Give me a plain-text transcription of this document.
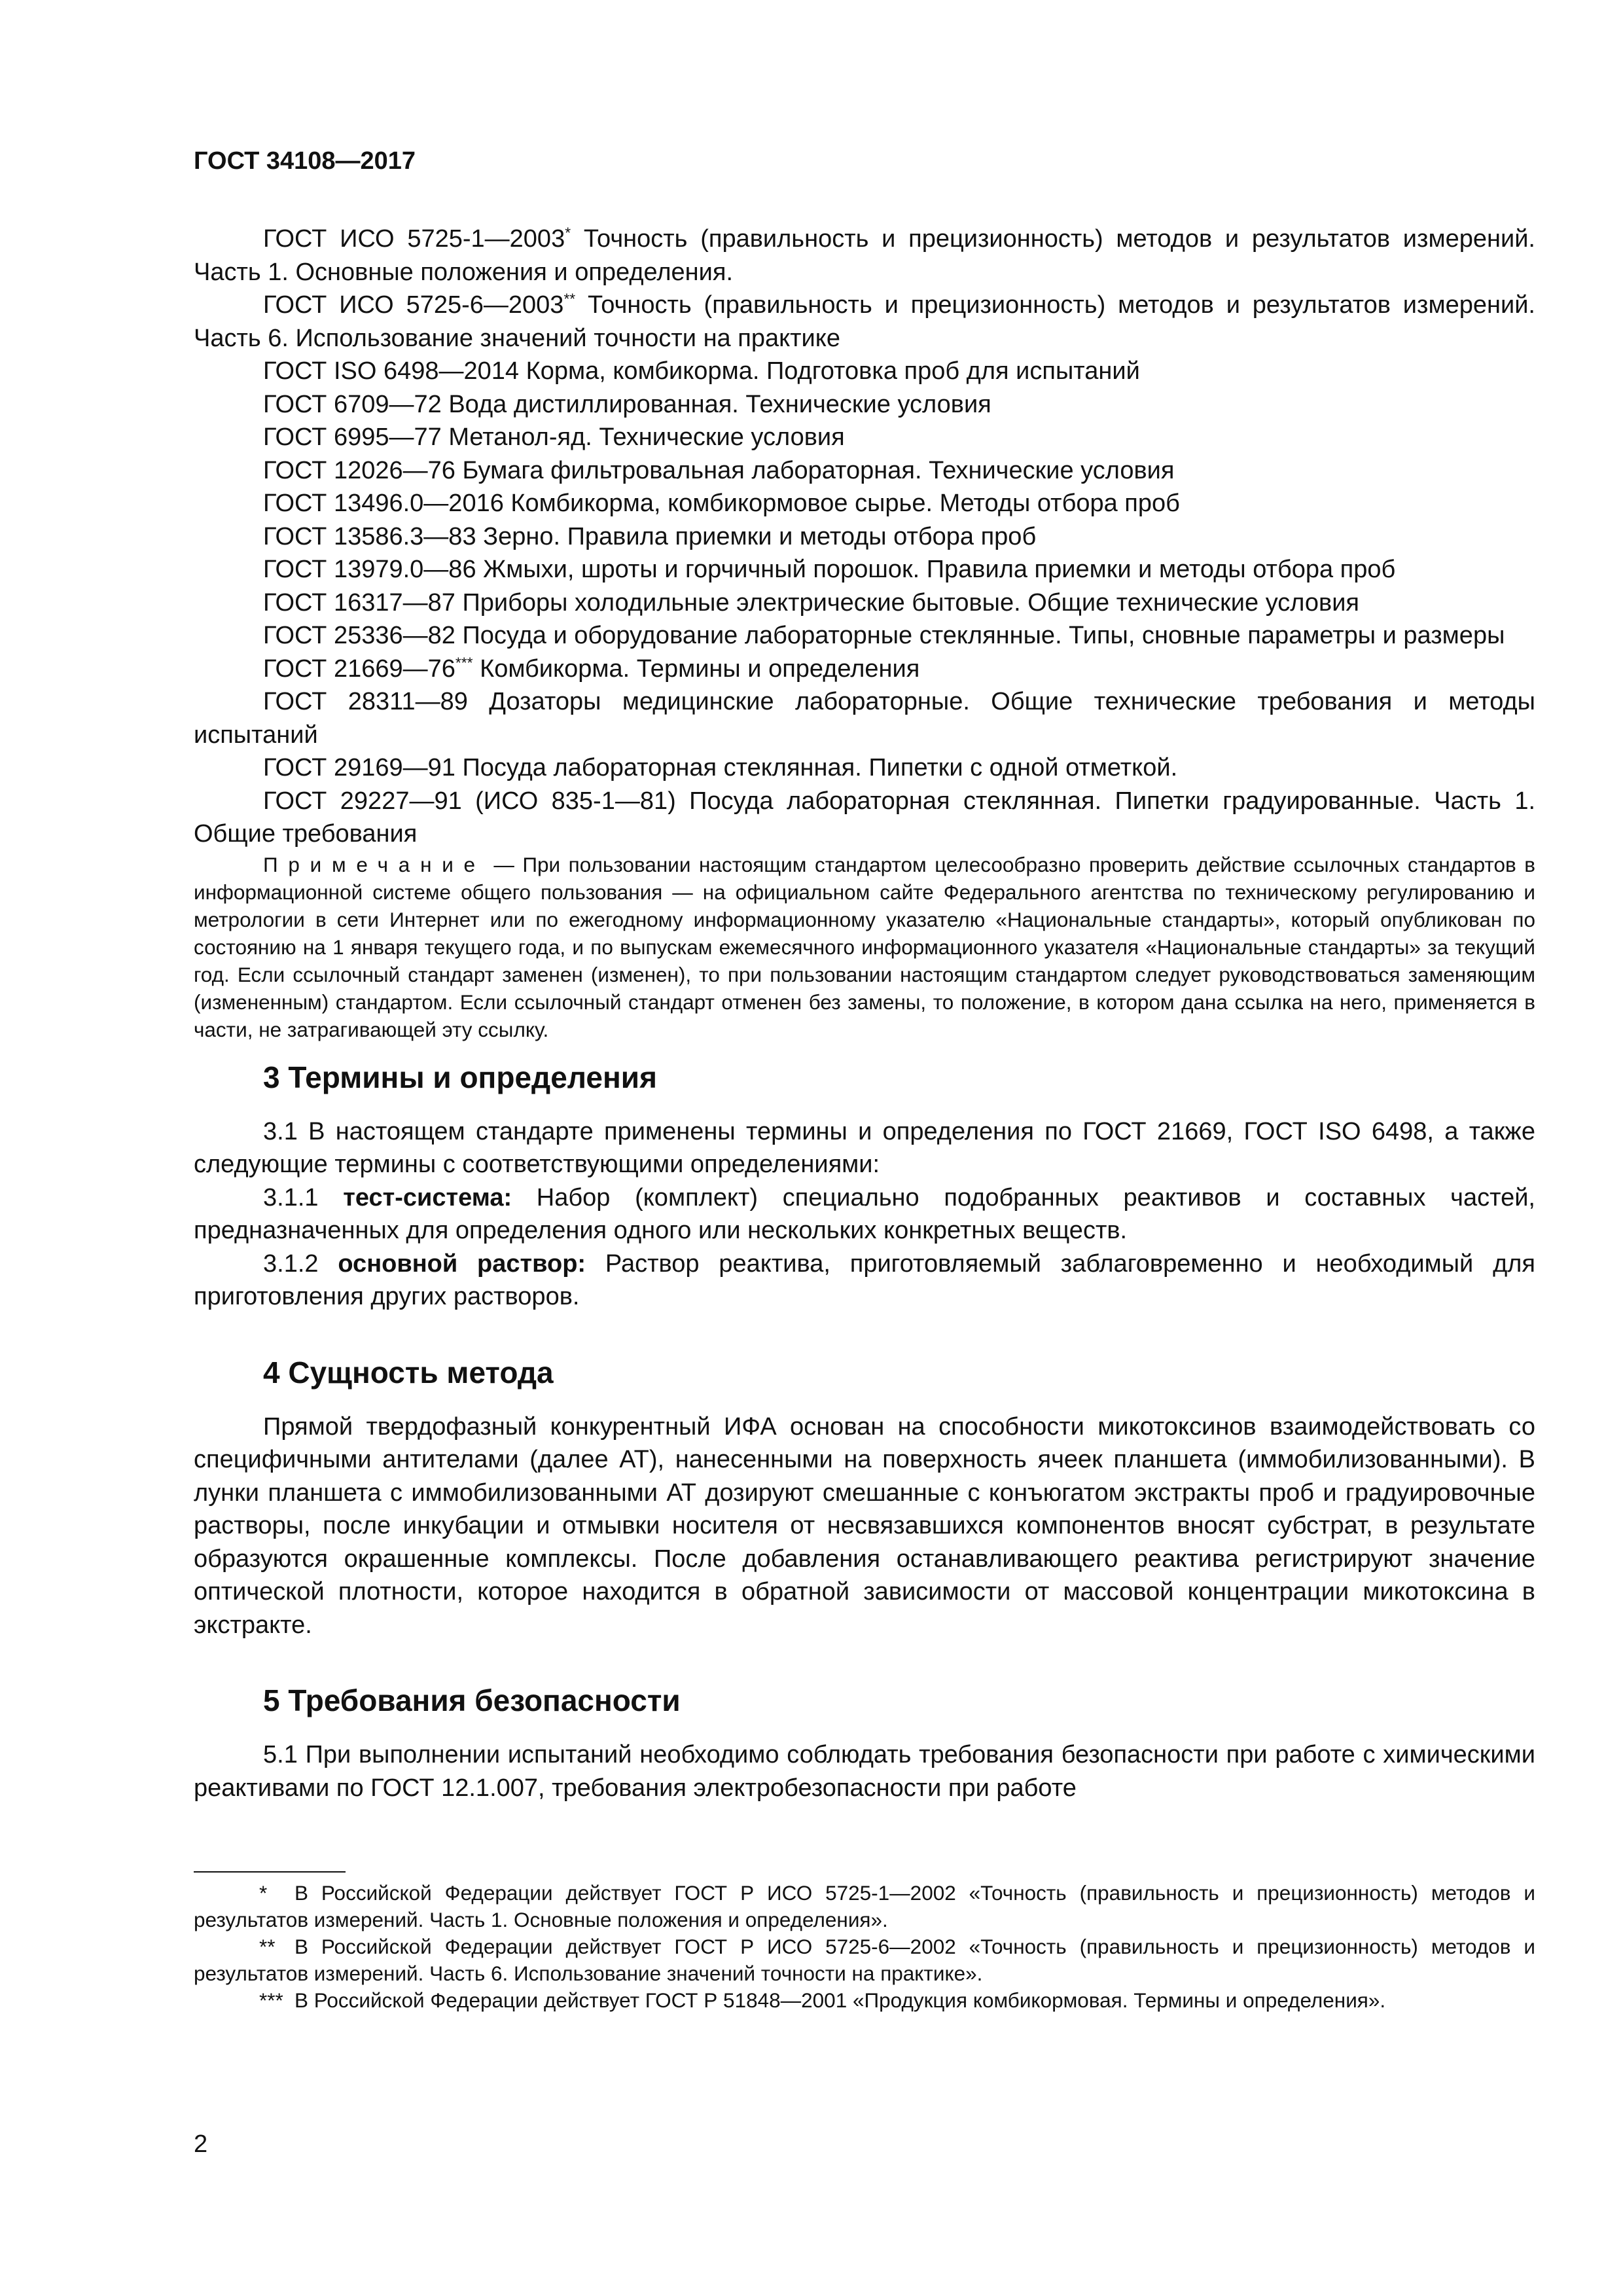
ГОСТ 34108—2017

ГОСТ ИСО 5725-1—2003* Точность (правильность и прецизионность) методов и результатов измерений. Часть 1. Основные положения и определения.

ГОСТ ИСО 5725-6—2003** Точность (правильность и прецизионность) методов и результатов измерений. Часть 6. Использование значений точности на практике

ГОСТ ISO 6498—2014 Корма, комбикорма. Подготовка проб для испытаний

ГОСТ 6709—72 Вода дистиллированная. Технические условия

ГОСТ 6995—77 Метанол-яд. Технические условия

ГОСТ 12026—76 Бумага фильтровальная лабораторная. Технические условия

ГОСТ 13496.0—2016 Комбикорма, комбикормовое сырье. Методы отбора проб

ГОСТ 13586.3—83 Зерно. Правила приемки и методы отбора проб

ГОСТ 13979.0—86 Жмыхи, шроты и горчичный порошок. Правила приемки и методы отбора проб

ГОСТ 16317—87 Приборы холодильные электрические бытовые. Общие технические условия

ГОСТ 25336—82 Посуда и оборудование лабораторные стеклянные. Типы, сновные параметры и размеры

ГОСТ 21669—76*** Комбикорма. Термины и определения

ГОСТ 28311—89 Дозаторы медицинские лабораторные. Общие технические требования и методы испытаний

ГОСТ 29169—91 Посуда лабораторная стеклянная. Пипетки с одной отметкой.

ГОСТ 29227—91 (ИСО 835-1—81) Посуда лабораторная стеклянная. Пипетки градуированные. Часть 1. Общие требования

Примечание — При пользовании настоящим стандартом целесообразно проверить действие ссылочных стандартов в информационной системе общего пользования — на официальном сайте Федерального агентства по техническому регулированию и метрологии в сети Интернет или по ежегодному информационному указателю «Национальные стандарты», который опубликован по состоянию на 1 января текущего года, и по выпускам ежемесячного информационного указателя «Национальные стандарты» за текущий год. Если ссылочный стандарт заменен (изменен), то при пользовании настоящим стандартом следует руководствоваться заменяющим (измененным) стандартом. Если ссылочный стандарт отменен без замены, то положение, в котором дана ссылка на него, применяется в части, не затрагивающей эту ссылку.

3 Термины и определения

3.1 В настоящем стандарте применены термины и определения по ГОСТ 21669, ГОСТ ISO 6498, а также следующие термины с соответствующими определениями:

3.1.1 тест-система: Набор (комплект) специально подобранных реактивов и составных частей, предназначенных для определения одного или нескольких конкретных веществ.

3.1.2 основной раствор: Раствор реактива, приготовляемый заблаговременно и необходимый для приготовления других растворов.

4 Сущность метода

Прямой твердофазный конкурентный ИФА основан на способности микотоксинов взаимодействовать со специфичными антителами (далее АТ), нанесенными на поверхность ячеек планшета (иммобилизованными). В лунки планшета с иммобилизованными АТ дозируют смешанные с конъюгатом экстракты проб и градуировочные растворы, после инкубации и отмывки носителя от несвязавшихся компонентов вносят субстрат, в результате образуются окрашенные комплексы. После добавления останавливающего реактива регистрируют значение оптической плотности, которое находится в обратной зависимости от массовой концентрации микотоксина в экстракте.

5 Требования безопасности

5.1 При выполнении испытаний необходимо соблюдать требования безопасности при работе с химическими реактивами по ГОСТ 12.1.007, требования электробезопасности при работе

* В Российской Федерации действует ГОСТ Р ИСО 5725-1—2002 «Точность (правильность и прецизионность) методов и результатов измерений. Часть 1. Основные положения и определения».

** В Российской Федерации действует ГОСТ Р ИСО 5725-6—2002 «Точность (правильность и прецизионность) методов и результатов измерений. Часть 6. Использование значений точности на практике».

*** В Российской Федерации действует ГОСТ Р 51848—2001 «Продукция комбикормовая. Термины и определения».

2
